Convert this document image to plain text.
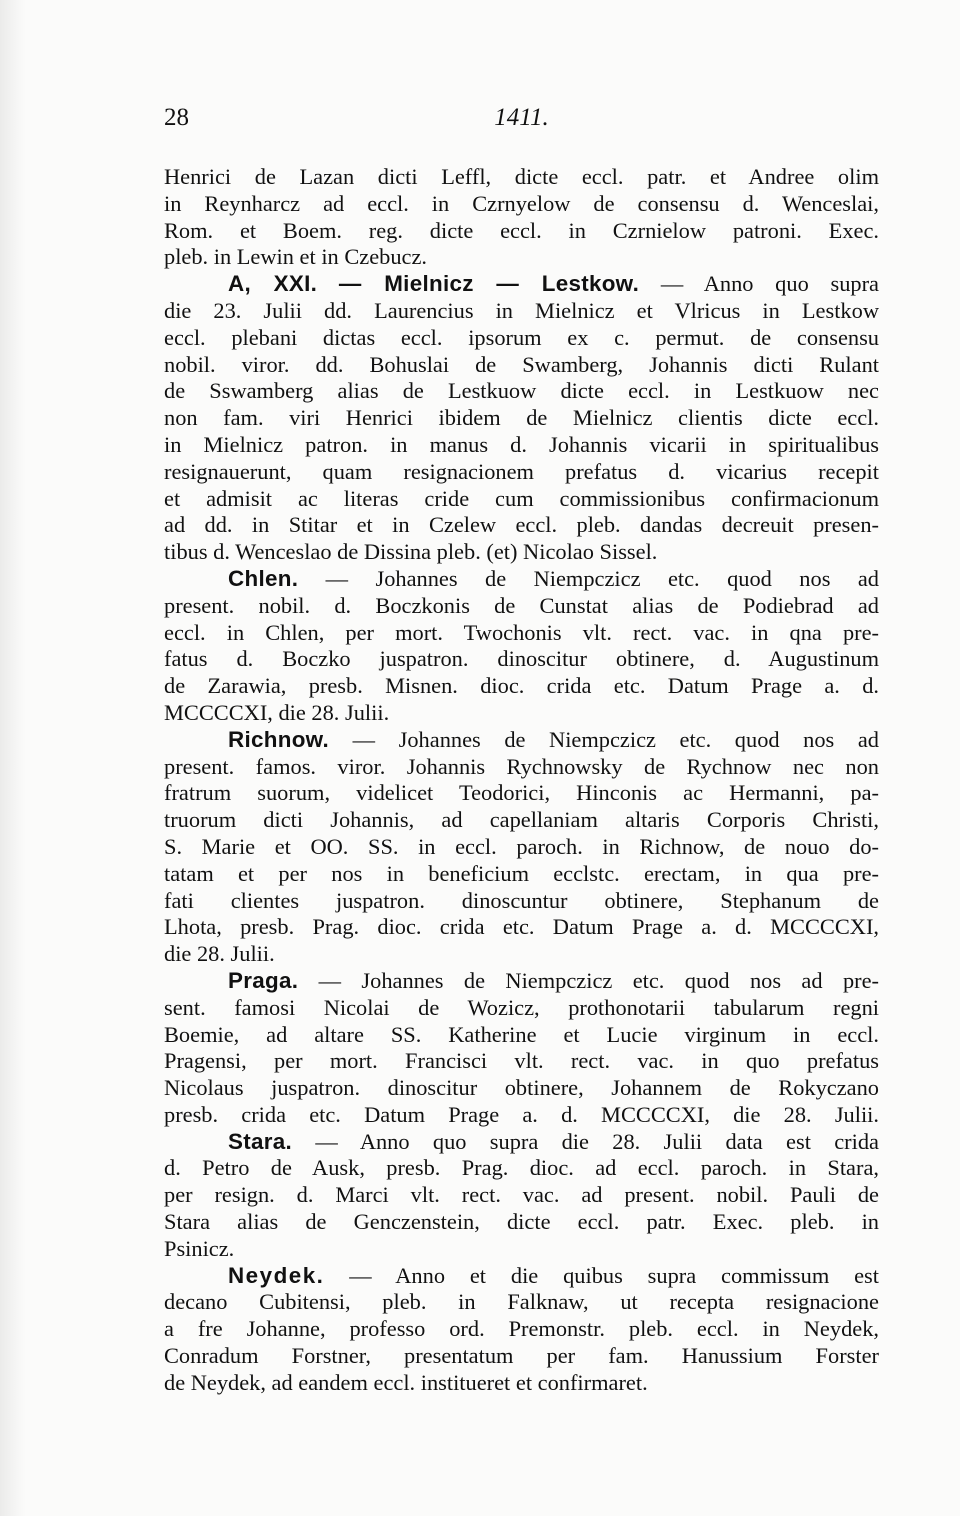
28	1411.
Henrici de Lazan dicti Leffl, dicte eccl. patr. et Andree olim
in Reynharcz ad eccl. in Czrnyelow de consensu d. Wenceslai,
Rom. et Boem. reg. dicte eccl. in Czrnielow patroni. Exec.
pleb. in Lewin et in Czebucz.
A, XXI. — Mielnicz — Lestkow. — Anno quo supra
die 23. Julii dd. Laurencius in Mielnicz et Vlricus in Lestkow
eccl. plebani dictas eccl. ipsorum ex c. permut. de consensu
nobil. viror. dd. Bohuslai de Swamberg, Johannis dicti Rulant
de Sswamberg alias de Lestkuow dicte eccl. in Lestkuow nec
non fam. viri Henrici ibidem de Mielnicz clientis dicte eccl.
in Mielnicz patron. in manus d. Johannis vicarii in spiritualibus
resignauerunt, quam resignacionem prefatus d. vicarius recepit
et admisit ac literas cride cum commissionibus confirmacionum
ad dd. in Stitar et in Czelew eccl. pleb. dandas decreuit presen-
tibus d. Wenceslao de Dissina pleb. (et) Nicolao Sissel.
Chlen. — Johannes de Niempczicz etc. quod nos ad
present. nobil. d. Boczkonis de Cunstat alias de Podiebrad ad
eccl. in Chlen, per mort. Twochonis vlt. rect. vac. in qna pre-
fatus d. Boczko juspatron. dinoscitur obtinere, d. Augustinum
de Zarawia, presb. Misnen. dioc. crida etc. Datum Prage a. d.
MCCCCXI, die 28. Julii.
Richnow. — Johannes de Niempczicz etc. quod nos ad
present. famos. viror. Johannis Rychnowsky de Rychnow nec non
fratrum suorum, videlicet Teodorici, Hinconis ac Hermanni, pa-
truorum dicti Johannis, ad capellaniam altaris Corporis Christi,
S. Marie et OO. SS. in eccl. paroch. in Richnow, de nouo do-
tatam et per nos in beneficium ecclstc. erectam, in qua pre-
fati clientes juspatron. dinoscuntur obtinere, Stephanum de
Lhota, presb. Prag. dioc. crida etc. Datum Prage a. d. MCCCCXI,
die 28. Julii.
Praga. — Johannes de Niempczicz etc. quod nos ad pre-
sent. famosi Nicolai de Wozicz, prothonotarii tabularum regni
Boemie, ad altare SS. Katherine et Lucie virginum in eccl.
Pragensi, per mort. Francisci vlt. rect. vac. in quo prefatus
Nicolaus juspatron. dinoscitur obtinere, Johannem de Rokyczano
presb. crida etc. Datum Prage a. d. MCCCCXI, die 28. Julii.
Stara. — Anno quo supra die 28. Julii data est crida
d. Petro de Ausk, presb. Prag. dioc. ad eccl. paroch. in Stara,
per resign. d. Marci vlt. rect. vac. ad present. nobil. Pauli de
Stara alias de Genczenstein, dicte eccl. patr. Exec. pleb. in
Psinicz.
Neydek. — Anno et die quibus supra commissum est
decano Cubitensi, pleb. in Falknaw, ut recepta resignacione
a fre Johanne, professo ord. Premonstr. pleb. eccl. in Neydek,
Conradum Forstner, presentatum per fam. Hanussium Forster
de Neydek, ad eandem eccl. institueret et confirmaret.
